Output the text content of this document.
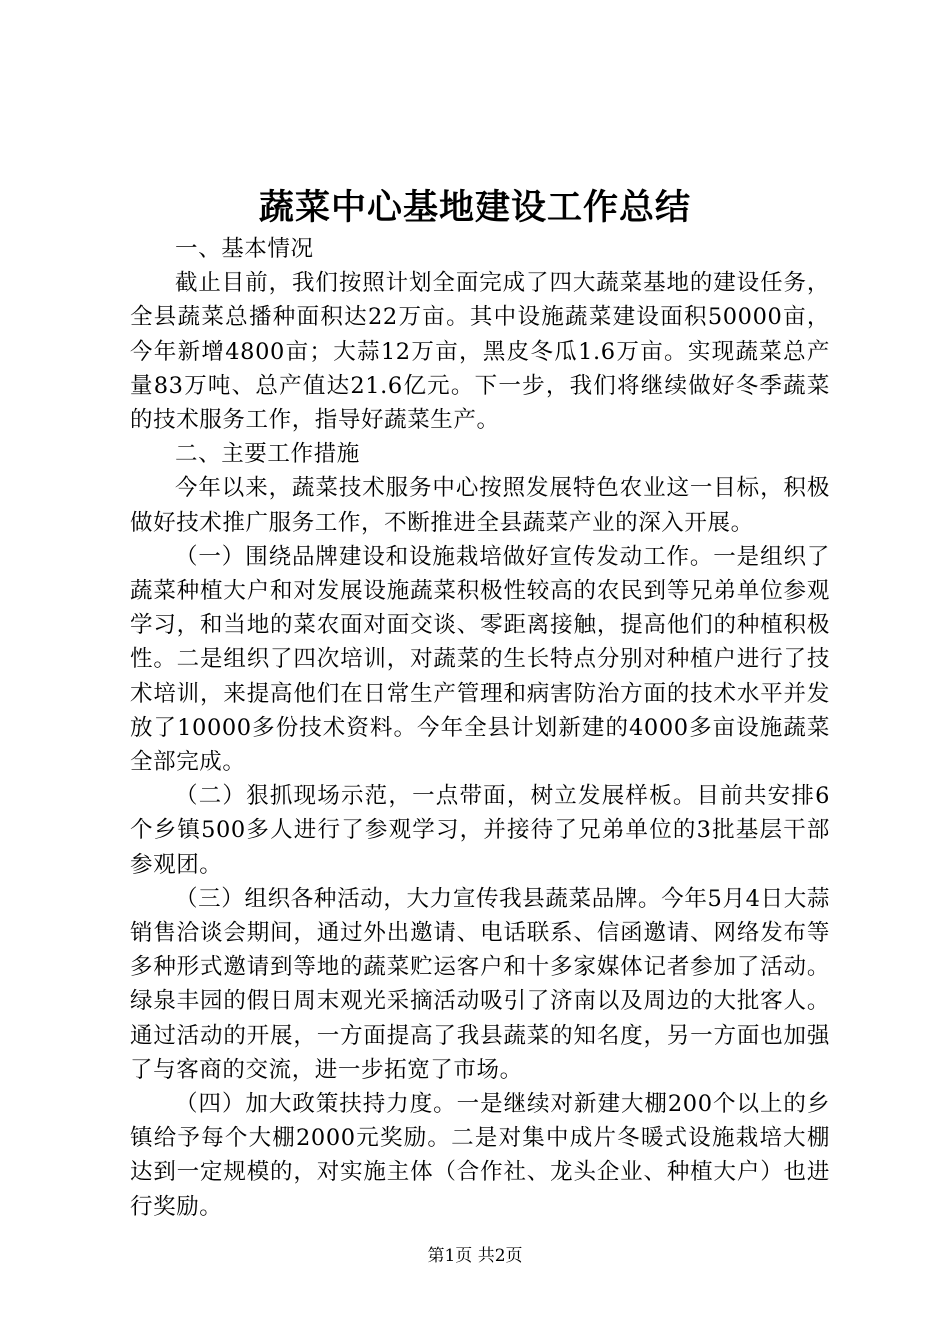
蔬菜中心基地建设工作总结

一、基本情况

截止目前，我们按照计划全面完成了四大蔬菜基地的建设任务，全县蔬菜总播种面积达22万亩。其中设施蔬菜建设面积50000亩，今年新增4800亩；大蒜12万亩，黑皮冬瓜1.6万亩。实现蔬菜总产量83万吨、总产值达21.6亿元。下一步，我们将继续做好冬季蔬菜的技术服务工作，指导好蔬菜生产。

二、主要工作措施

今年以来，蔬菜技术服务中心按照发展特色农业这一目标，积极做好技术推广服务工作，不断推进全县蔬菜产业的深入开展。

（一）围绕品牌建设和设施栽培做好宣传发动工作。一是组织了蔬菜种植大户和对发展设施蔬菜积极性较高的农民到等兄弟单位参观学习，和当地的菜农面对面交谈、零距离接触，提高他们的种植积极性。二是组织了四次培训，对蔬菜的生长特点分别对种植户进行了技术培训，来提高他们在日常生产管理和病害防治方面的技术水平并发放了10000多份技术资料。今年全县计划新建的4000多亩设施蔬菜全部完成。

（二）狠抓现场示范，一点带面，树立发展样板。目前共安排6个乡镇500多人进行了参观学习，并接待了兄弟单位的3批基层干部参观团。

（三）组织各种活动，大力宣传我县蔬菜品牌。今年5月4日大蒜销售洽谈会期间，通过外出邀请、电话联系、信函邀请、网络发布等多种形式邀请到等地的蔬菜贮运客户和十多家媒体记者参加了活动。绿泉丰园的假日周末观光采摘活动吸引了济南以及周边的大批客人。通过活动的开展，一方面提高了我县蔬菜的知名度，另一方面也加强了与客商的交流，进一步拓宽了市场。

（四）加大政策扶持力度。一是继续对新建大棚200个以上的乡镇给予每个大棚2000元奖励。二是对集中成片冬暖式设施栽培大棚达到一定规模的，对实施主体（合作社、龙头企业、种植大户）也进行奖励。

第1页 共2页
